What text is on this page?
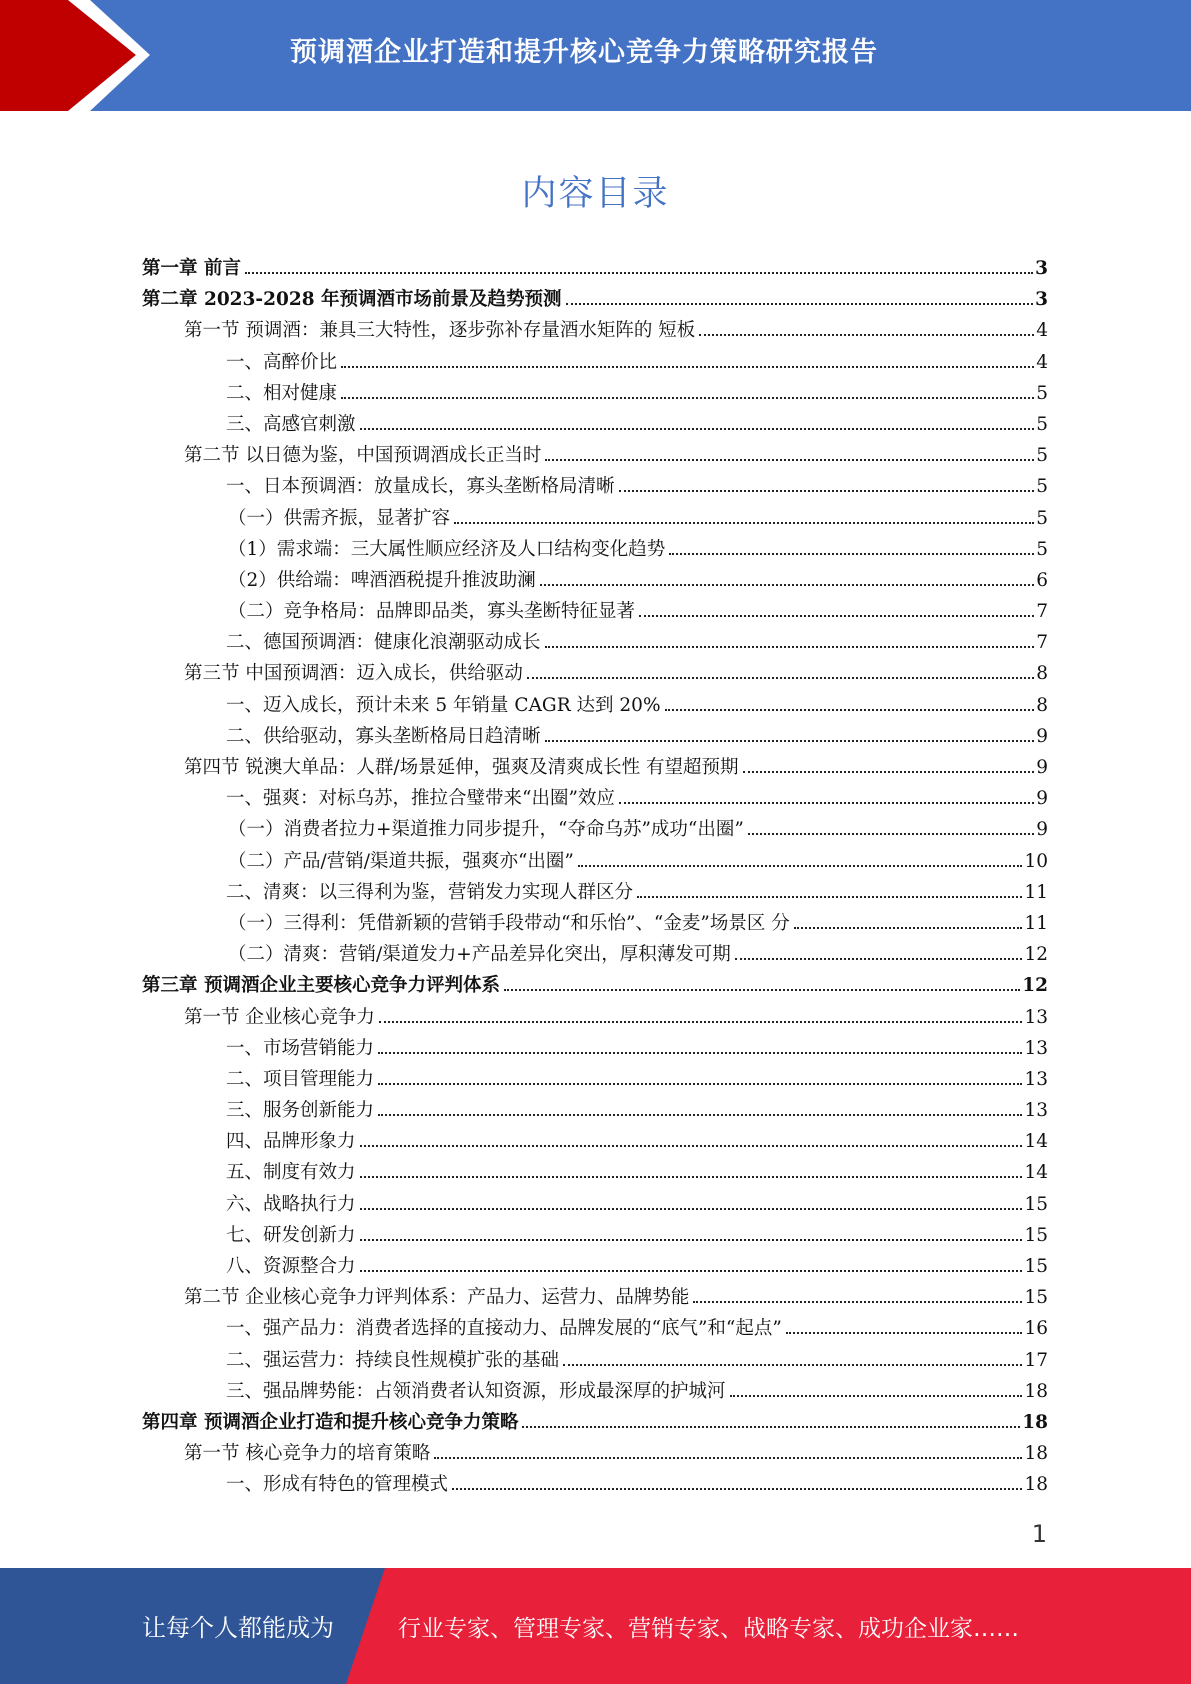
预调酒企业打造和提升核心竞争力策略研究报告
内容目录
第一章 前言	3
第二章 2023-2028 年预调酒市场前景及趋势预测	3
第一节 预调酒：兼具三大特性，逐步弥补存量酒水矩阵的 短板	4
一、高醉价比	4
二、相对健康	5
三、高感官刺激	5
第二节 以日德为鉴，中国预调酒成长正当时	5
一、日本预调酒：放量成长，寡头垄断格局清晰	5
（一）供需齐振，显著扩容	5
（1）需求端：三大属性顺应经济及人口结构变化趋势	5
（2）供给端：啤酒酒税提升推波助澜	6
（二）竞争格局：品牌即品类，寡头垄断特征显著	7
二、德国预调酒：健康化浪潮驱动成长	7
第三节 中国预调酒：迈入成长，供给驱动	8
一、迈入成长，预计未来 5 年销量 CAGR 达到 20%	8
二、供给驱动，寡头垄断格局日趋清晰	9
第四节 锐澳大单品：人群/场景延伸，强爽及清爽成长性 有望超预期	9
一、强爽：对标乌苏，推拉合璧带来“出圈”效应	9
（一）消费者拉力+渠道推力同步提升，“夺命乌苏”成功“出圈”	9
（二）产品/营销/渠道共振，强爽亦“出圈”	10
二、清爽：以三得利为鉴，营销发力实现人群区分	11
（一）三得利：凭借新颖的营销手段带动“和乐怡”、“金麦”场景区 分	11
（二）清爽：营销/渠道发力+产品差异化突出，厚积薄发可期	12
第三章 预调酒企业主要核心竞争力评判体系	12
第一节 企业核心竞争力	13
一、市场营销能力	13
二、项目管理能力	13
三、服务创新能力	13
四、品牌形象力	14
五、制度有效力	14
六、战略执行力	15
七、研发创新力	15
八、资源整合力	15
第二节 企业核心竞争力评判体系：产品力、运营力、品牌势能	15
一、强产品力：消费者选择的直接动力、品牌发展的“底气”和“起点”	16
二、强运营力：持续良性规模扩张的基础	17
三、强品牌势能：占领消费者认知资源，形成最深厚的护城河	18
第四章 预调酒企业打造和提升核心竞争力策略	18
第一节 核心竞争力的培育策略	18
一、形成有特色的管理模式	18
1
让每个人都能成为	行业专家、管理专家、营销专家、战略专家、成功企业家……
